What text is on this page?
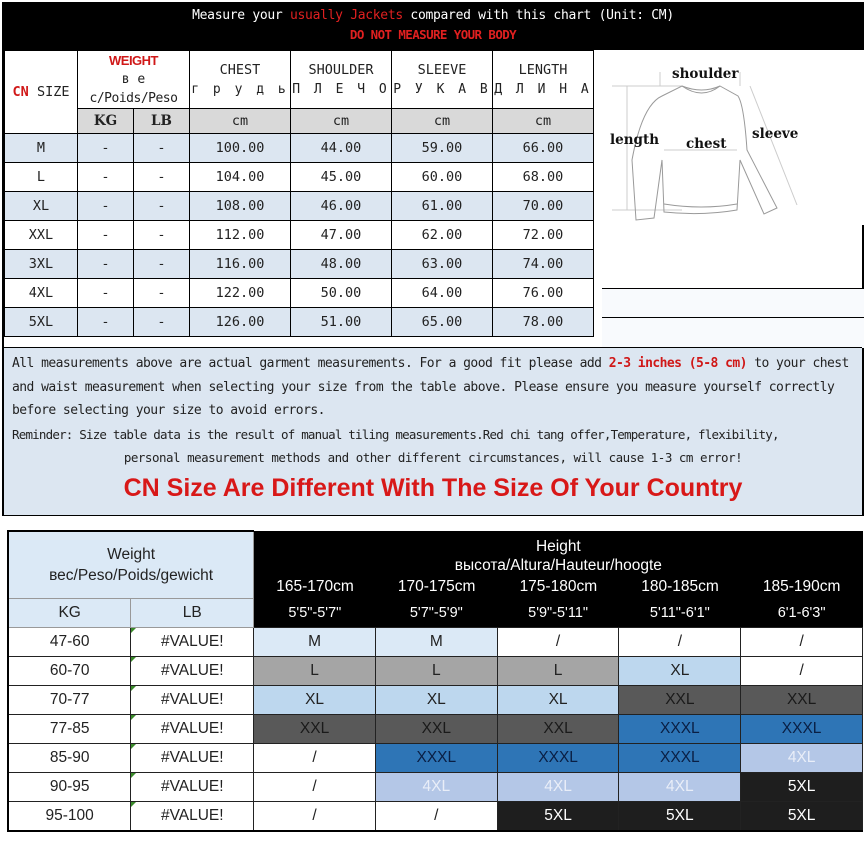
Measure your usually Jackets compared with this chart (Unit: CM)
DO NOT MEASURE YOUR BODY
CN SIZE	
WEIGHT
в е
c/Poids/Peso

CHEST
г р у д ь

SHOULDER
П Л Е Ч О

SLEEVE
Р У К А В

LENGTH
Д Л И Н А

	KG	LB	cm	cm	cm	cm
M	-	-	100.00	44.00	59.00	66.00
L	-	-	104.00	45.00	60.00	68.00
XL	-	-	108.00	46.00	61.00	70.00
XXL	-	-	112.00	47.00	62.00	72.00
3XL	-	-	116.00	48.00	63.00	74.00
4XL	-	-	122.00	50.00	64.00	76.00
5XL	-	-	126.00	51.00	65.00	78.00
shoulder
length chest
sleeve
All measurements above are actual garment measurements. For a good fit please add 2-3 inches (5-8 cm) to your chest and waist measurement when selecting your size from the table above. Please ensure you measure yourself correctly before selecting your size to avoid errors.
Reminder: Size table data is the result of manual tiling measurements.Red chi tang offer,Temperature, flexibility,
personal measurement methods and other different circumstances, will cause 1-3 cm error!
CN Size Are Different With The Size Of Your Country
Weight
вес/Peso/Poids/gewicht

Height
высота/Altura/Hauteur/hoogte
165-170cm	170-175cm	175-180cm	180-185cm	185-190cm

KG	LB	5'5"-5'7"	5'7"-5'9"	5'9"-5'11"	5'11"-6'1"	6'1-6'3"
47-60	#VALUE!	M	M	/	/	/
60-70	#VALUE!	L	L	L	XL	/
70-77	#VALUE!	XL	XL	XL	XXL	XXL
77-85	#VALUE!	XXL	XXL	XXL	XXXL	XXXL
85-90	#VALUE!	/	XXXL	XXXL	XXXL	4XL
90-95	#VALUE!	/	4XL	4XL	4XL	5XL
95-100	#VALUE!	/	/	5XL	5XL	5XL
